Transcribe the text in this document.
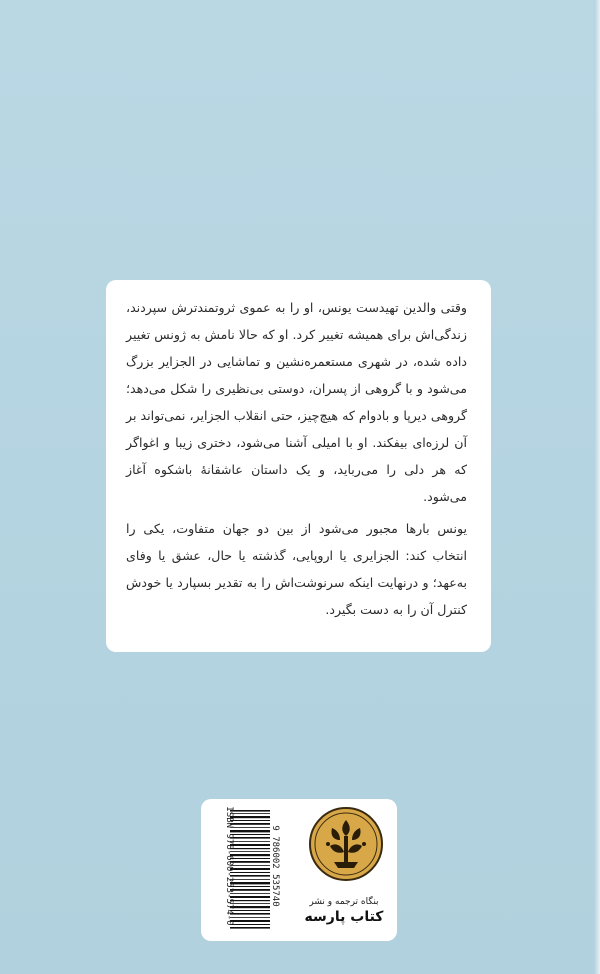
وقتی والدین تهیدست یونس، او را به عموی ثروتمندترش سپردند، زندگی‌اش برای همیشه تغییر کرد. او که حالا نامش به ژونس تغییر داده شده، در شهری مستعمره‌نشین و تماشایی در الجزایر بزرگ می‌شود و با گروهی از پسران، دوستی بی‌نظیری را شکل می‌دهد؛ گروهی دیرپا و بادوام که هیچ‌چیز، حتی انقلاب الجزایر، نمی‌تواند بر آن لرزه‌ای بیفکند. او با امیلی آشنا می‌شود، دختری زیبا و اغواگر که هر دلی را می‌رباید، و یک داستان عاشقانهٔ باشکوه آغاز می‌شود.

یونس بارها مجبور می‌شود از بین دو جهان متفاوت، یکی را انتخاب کند: الجزایری یا اروپایی، گذشته یا حال، عشق یا وفای به‌عهد؛ و درنهایت اینکه سرنوشت‌اش را به تقدیر بسپارد یا خودش کنترل آن را به دست بگیرد.

ISBN 978-600-253-574-0	9 786002 535740	بنگاه ترجمه و نشر
کتاب پارسه
